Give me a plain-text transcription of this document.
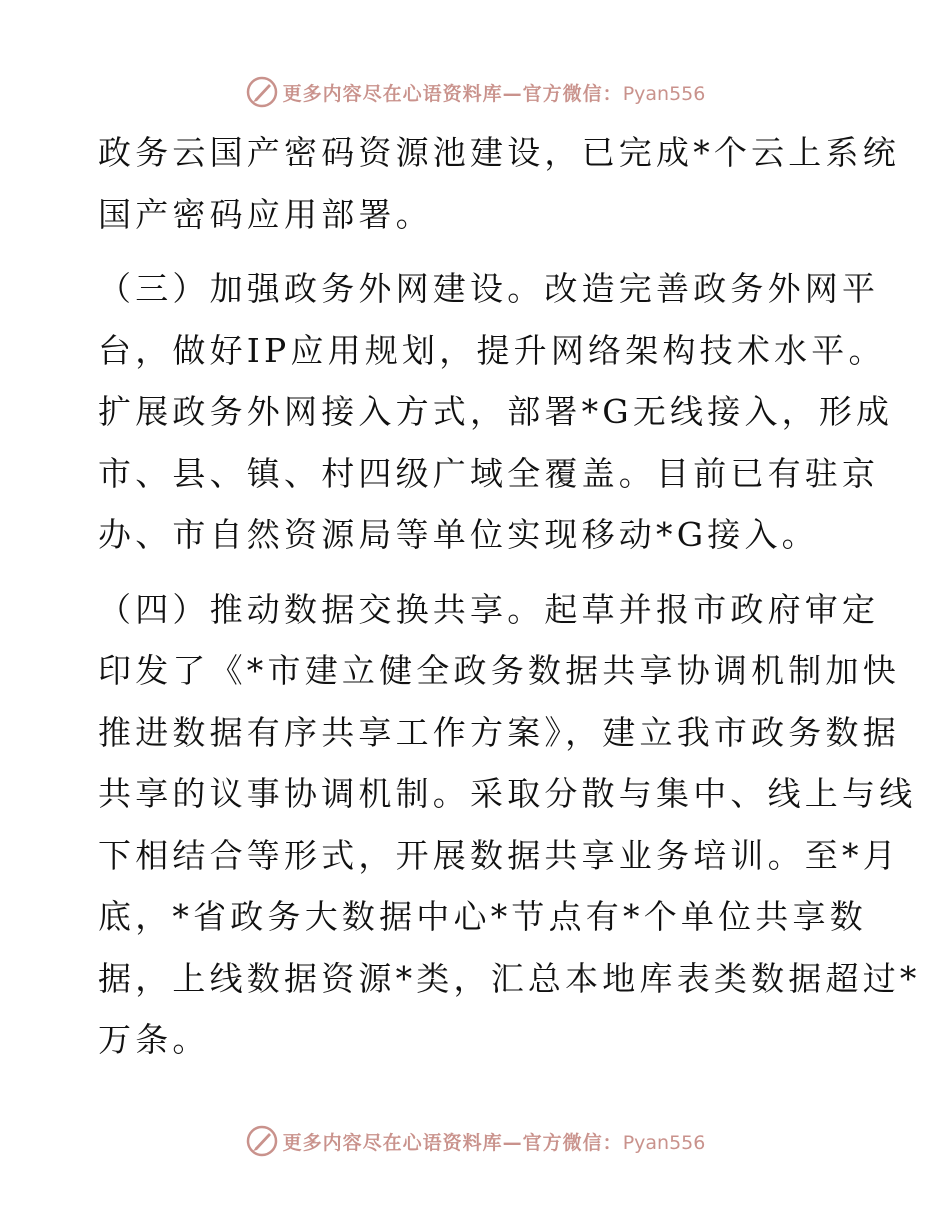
更多内容尽在心语资料库—官方微信：Pyan556
政务云国产密码资源池建设，已完成*个云上系统
国产密码应用部署。
（三）加强政务外网建设。改造完善政务外网平
台，做好IP应用规划，提升网络架构技术水平。
扩展政务外网接入方式，部署*G无线接入，形成
市、县、镇、村四级广域全覆盖。目前已有驻京
办、市自然资源局等单位实现移动*G接入。
（四）推动数据交换共享。起草并报市政府审定
印发了《*市建立健全政务数据共享协调机制加快
推进数据有序共享工作方案》，建立我市政务数据
共享的议事协调机制。采取分散与集中、线上与线
下相结合等形式，开展数据共享业务培训。至*月
底，*省政务大数据中心*节点有*个单位共享数
据，上线数据资源*类，汇总本地库表类数据超过*
万条。
更多内容尽在心语资料库—官方微信：Pyan556
